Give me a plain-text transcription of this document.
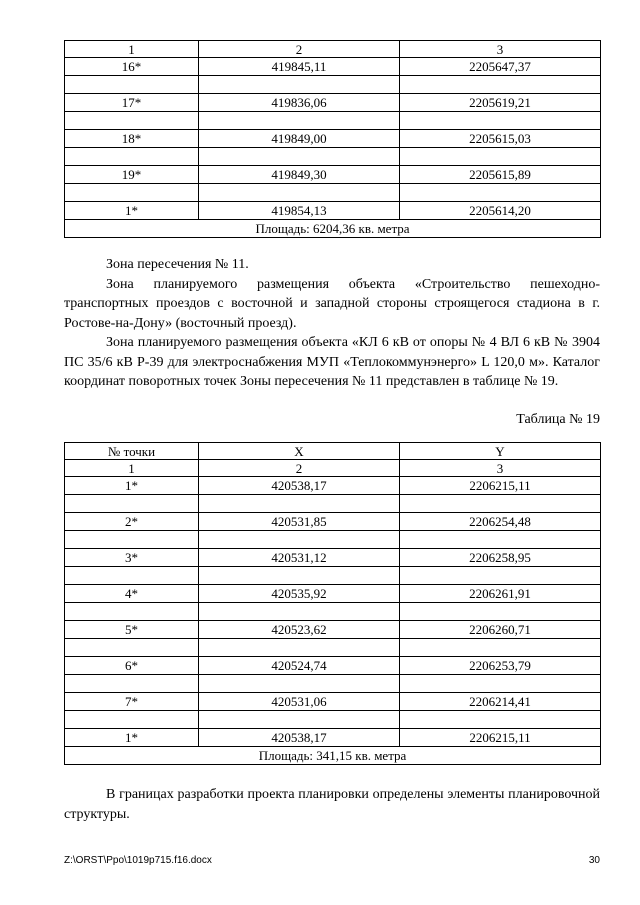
1	2	3
16*	419845,11	2205647,37

17*	419836,06	2205619,21

18*	419849,00	2205615,03

19*	419849,30	2205615,89

1*	419854,13	2205614,20
Площадь: 6204,36 кв. метра		

Зона пересечения № 11.

Зона планируемого размещения объекта «Строительство пешеходно-транспортных проездов с восточной и западной стороны строящегося стадиона в г. Ростове-на-Дону» (восточный проезд).

Зона планируемого размещения объекта «КЛ 6 кВ от опоры № 4 ВЛ 6 кВ № 3904 ПС 35/6 кВ Р-39 для электроснабжения МУП «Теплокоммунэнерго» L 120,0 м». Каталог координат поворотных точек Зоны пересечения № 11 представлен в таблице № 19.

Таблица № 19
№ точки	X	Y
1	2	3
1*	420538,17	2206215,11

2*	420531,85	2206254,48

3*	420531,12	2206258,95

4*	420535,92	2206261,91

5*	420523,62	2206260,71

6*	420524,74	2206253,79

7*	420531,06	2206214,41

1*	420538,17	2206215,11
Площадь: 341,15 кв. метра		

В границах разработки проекта планировки определены элементы планировочной структуры.

Z:\ORST\Ppo\1019p715.f16.docx	30
